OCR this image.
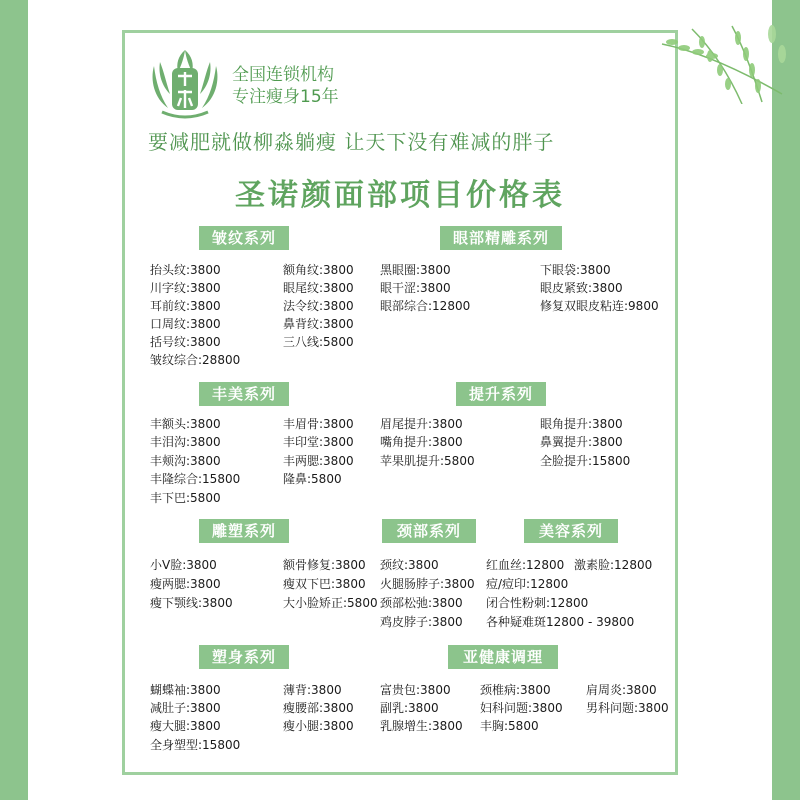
全国连锁机构
专注瘦身15年
要减肥就做柳淼躺瘦 让天下没有难减的胖子
圣诺颜面部项目价格表
皱纹系列
抬头纹:3800
川字纹:3800
耳前纹:3800
口周纹:3800
括号纹:3800
皱纹综合:28800
额角纹:3800
眼尾纹:3800
法令纹:3800
鼻背纹:3800
三八线:5800
眼部精雕系列
黑眼圈:3800
眼干涩:3800
眼部综合:12800
下眼袋:3800
眼皮紧致:3800
修复双眼皮粘连:9800
丰美系列
丰额头:3800
丰泪沟:3800
丰颊沟:3800
丰隆综合:15800
丰下巴:5800
丰眉骨:3800
丰印堂:3800
丰两腮:3800
隆鼻:5800
提升系列
眉尾提升:3800
嘴角提升:3800
苹果肌提升:5800
眼角提升:3800
鼻翼提升:3800
全脸提升:15800
雕塑系列
小V脸:3800
瘦两腮:3800
瘦下颚线:3800
额骨修复:3800
瘦双下巴:3800
大小脸矫正:5800
颈部系列
颈纹:3800
火腿肠脖子:3800
颈部松弛:3800
鸡皮脖子:3800
美容系列
红血丝:12800
痘/痘印:12800
闭合性粉刺:12800
各种疑难斑12800 - 39800
激素脸:12800
塑身系列
蝴蝶袖:3800
减肚子:3800
瘦大腿:3800
全身塑型:15800
薄背:3800
瘦腰部:3800
瘦小腿:3800
亚健康调理
富贵包:3800
副乳:3800
乳腺增生:3800
颈椎病:3800
妇科问题:3800
丰胸:5800
肩周炎:3800
男科问题:3800
